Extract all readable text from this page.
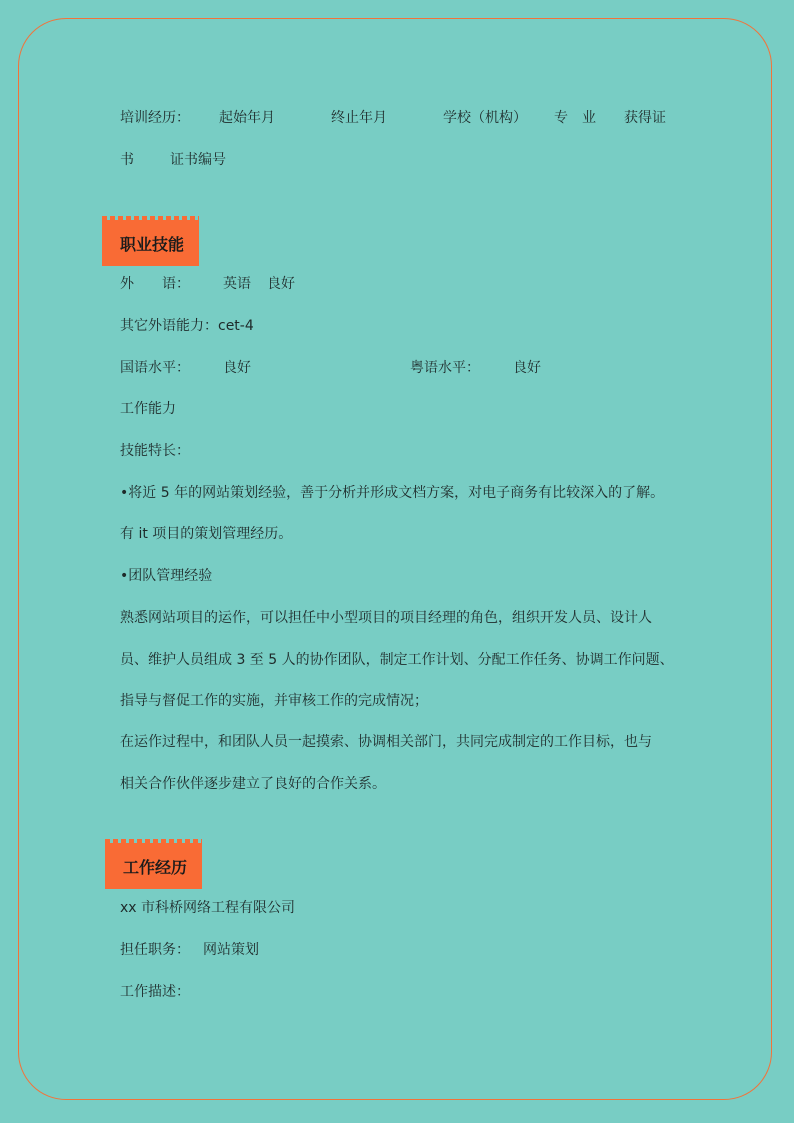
培训经历： 起始年月	终止年月	学校（机构） 专　业 获得证
书	证书编号
职业技能
外　　语： 英语 良好
其它外语能力：cet-4
国语水平： 良好	粤语水平： 良好
工作能力
技能特长：
•将近 5 年的网站策划经验，善于分析并形成文档方案，对电子商务有比较深入的了解。
有 it 项目的策划管理经历。
•团队管理经验
熟悉网站项目的运作，可以担任中小型项目的项目经理的角色，组织开发人员、设计人
员、维护人员组成 3 至 5 人的协作团队，制定工作计划、分配工作任务、协调工作问题、
指导与督促工作的实施，并审核工作的完成情况；
在运作过程中，和团队人员一起摸索、协调相关部门，共同完成制定的工作目标，也与
相关合作伙伴逐步建立了良好的合作关系。
工作经历
xx 市科桥网络工程有限公司
担任职务： 网站策划
工作描述：
